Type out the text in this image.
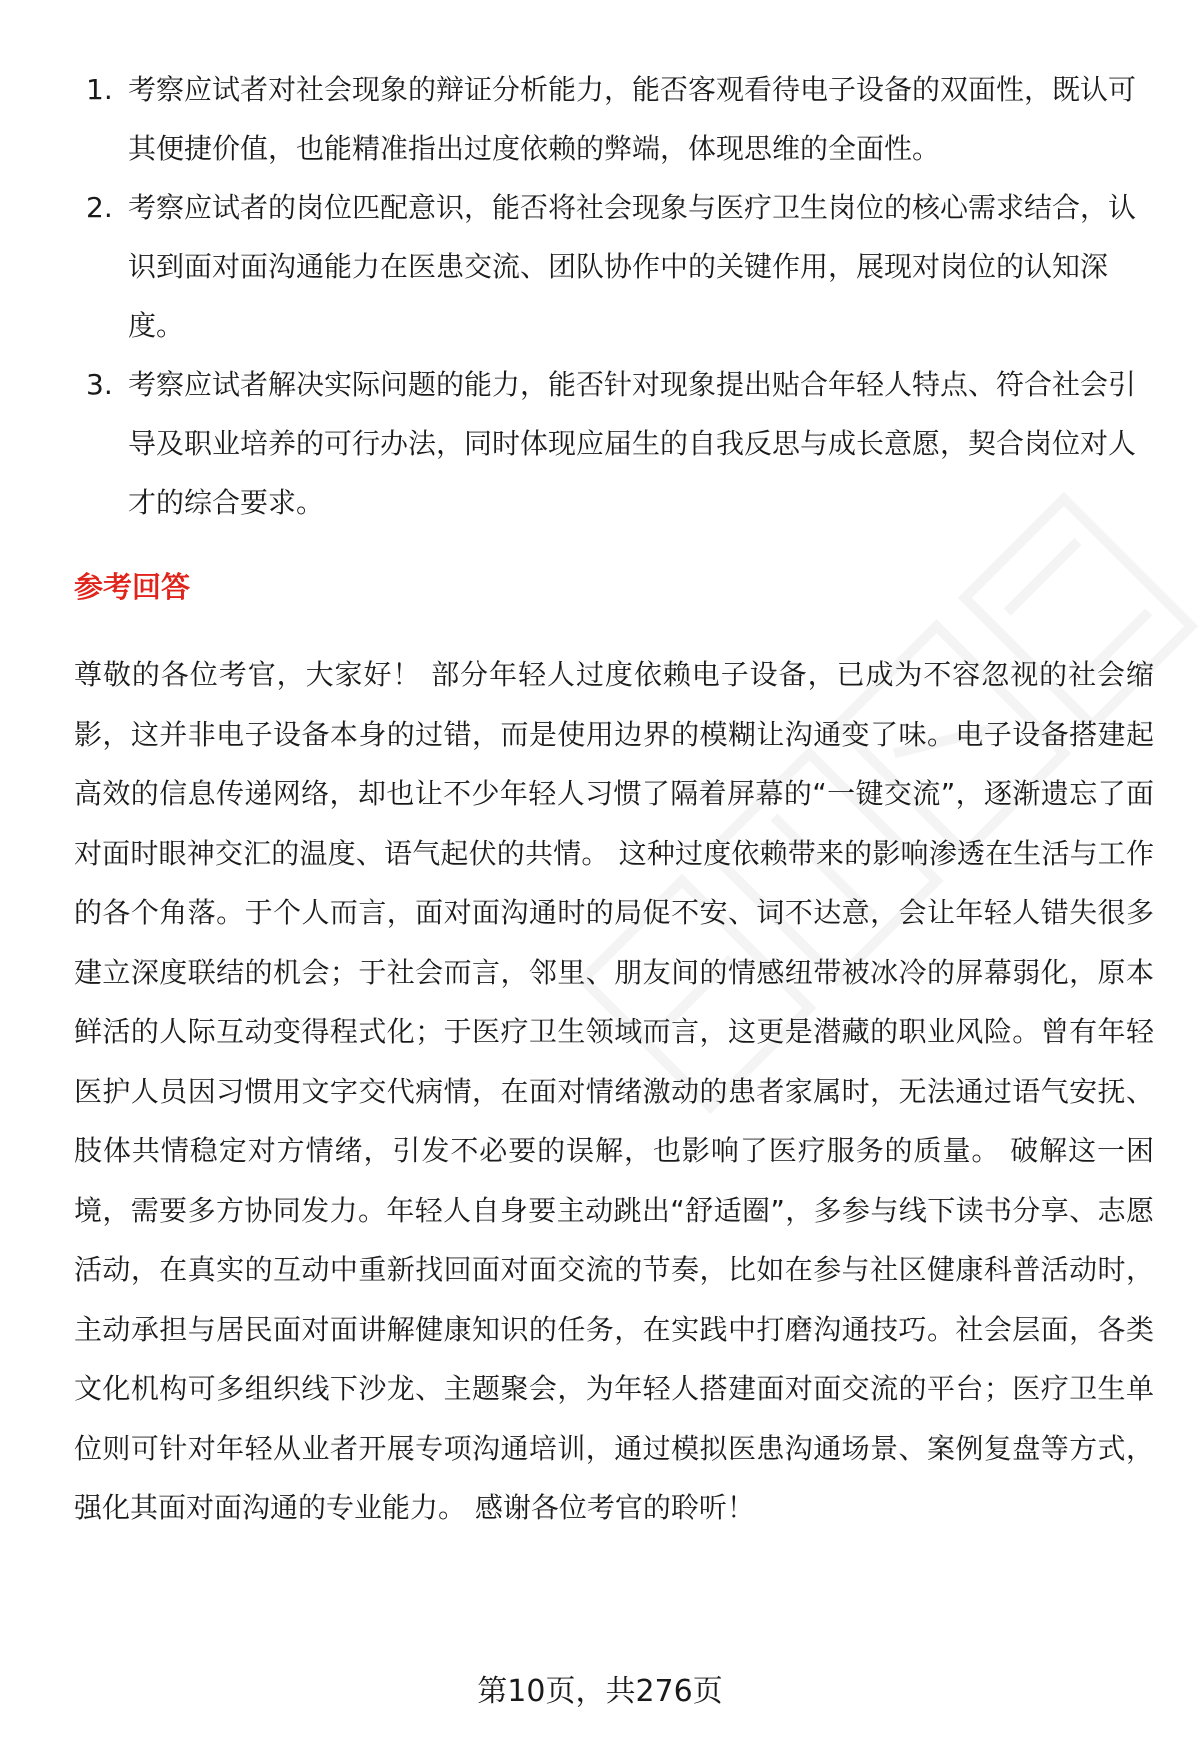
1. 考察应试者对社会现象的辩证分析能力，能否客观看待电子设备的双面性，既认可其便捷价值，也能精准指出过度依赖的弊端，体现思维的全面性。
2. 考察应试者的岗位匹配意识，能否将社会现象与医疗卫生岗位的核心需求结合，认识到面对面沟通能力在医患交流、团队协作中的关键作用，展现对岗位的认知深度。
3. 考察应试者解决实际问题的能力，能否针对现象提出贴合年轻人特点、符合社会引导及职业培养的可行办法，同时体现应届生的自我反思与成长意愿，契合岗位对人才的综合要求。
参考回答

尊敬的各位考官，大家好！ 部分年轻人过度依赖电子设备，已成为不容忽视的社会缩影，这并非电子设备本身的过错，而是使用边界的模糊让沟通变了味。电子设备搭建起高效的信息传递网络，却也让不少年轻人习惯了隔着屏幕的“一键交流”，逐渐遗忘了面对面时眼神交汇的温度、语气起伏的共情。 这种过度依赖带来的影响渗透在生活与工作的各个角落。于个人而言，面对面沟通时的局促不安、词不达意，会让年轻人错失很多建立深度联结的机会；于社会而言，邻里、朋友间的情感纽带被冰冷的屏幕弱化，原本鲜活的人际互动变得程式化；于医疗卫生领域而言，这更是潜藏的职业风险。曾有年轻医护人员因习惯用文字交代病情，在面对情绪激动的患者家属时，无法通过语气安抚、肢体共情稳定对方情绪，引发不必要的误解，也影响了医疗服务的质量。 破解这一困境，需要多方协同发力。年轻人自身要主动跳出“舒适圈”，多参与线下读书分享、志愿活动，在真实的互动中重新找回面对面交流的节奏，比如在参与社区健康科普活动时，主动承担与居民面对面讲解健康知识的任务，在实践中打磨沟通技巧。社会层面，各类文化机构可多组织线下沙龙、主题聚会，为年轻人搭建面对面交流的平台；医疗卫生单位则可针对年轻从业者开展专项沟通培训，通过模拟医患沟通场景、案例复盘等方式，强化其面对面沟通的专业能力。 感谢各位考官的聆听！

第10页，共276页
